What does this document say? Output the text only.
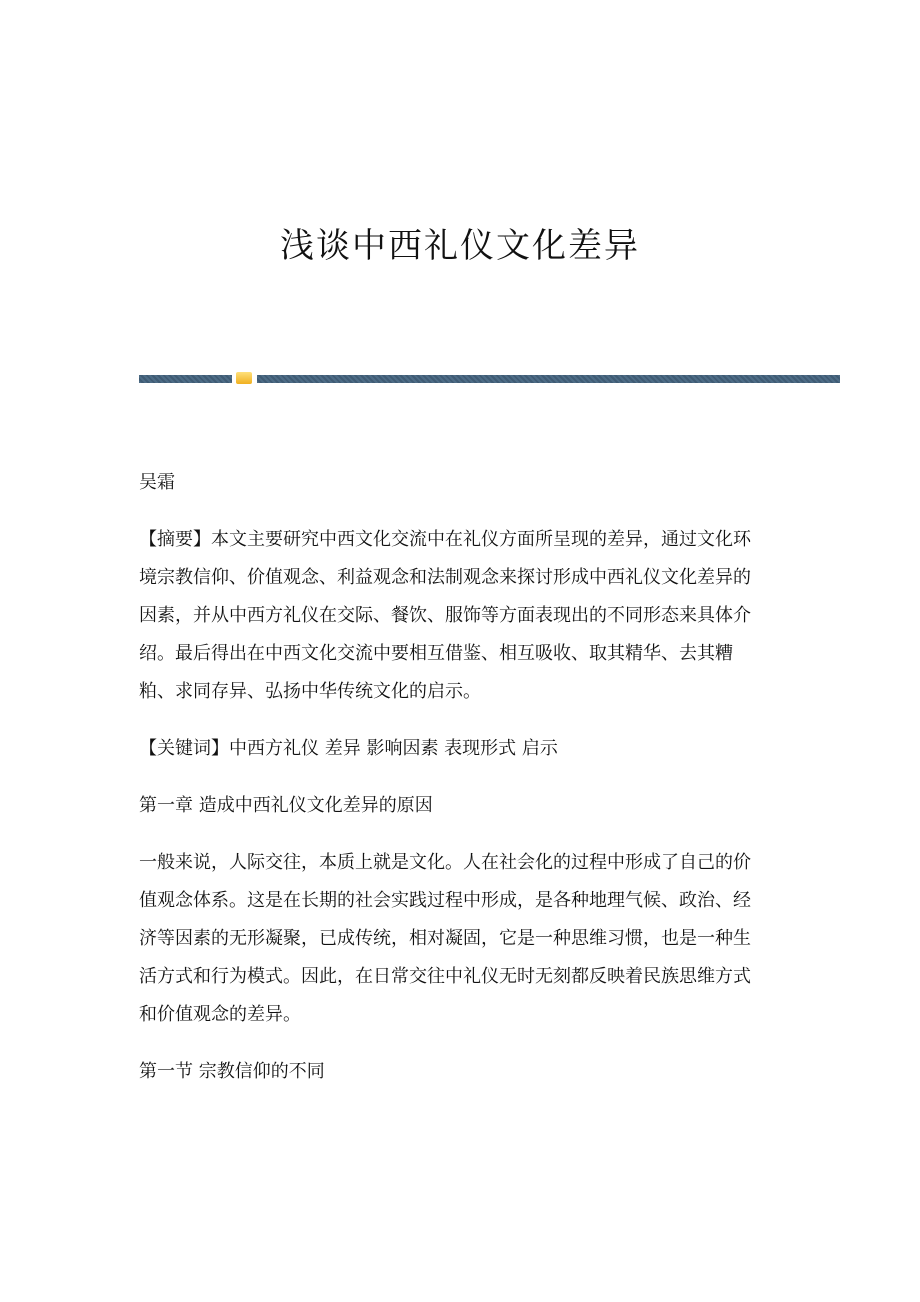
浅谈中西礼仪文化差异
吴霜
【摘要】本文主要研究中西文化交流中在礼仪方面所呈现的差异，通过文化环
境宗教信仰、价值观念、利益观念和法制观念来探讨形成中西礼仪文化差异的
因素，并从中西方礼仪在交际、餐饮、服饰等方面表现出的不同形态来具体介
绍。最后得出在中西文化交流中要相互借鉴、相互吸收、取其精华、去其糟
粕、求同存异、弘扬中华传统文化的启示。
【关键词】中西方礼仪 差异 影响因素 表现形式 启示
第一章 造成中西礼仪文化差异的原因
一般来说，人际交往，本质上就是文化。人在社会化的过程中形成了自己的价
值观念体系。这是在长期的社会实践过程中形成，是各种地理气候、政治、经
济等因素的无形凝聚，已成传统，相对凝固，它是一种思维习惯，也是一种生
活方式和行为模式。因此，在日常交往中礼仪无时无刻都反映着民族思维方式
和价值观念的差异。
第一节 宗教信仰的不同
